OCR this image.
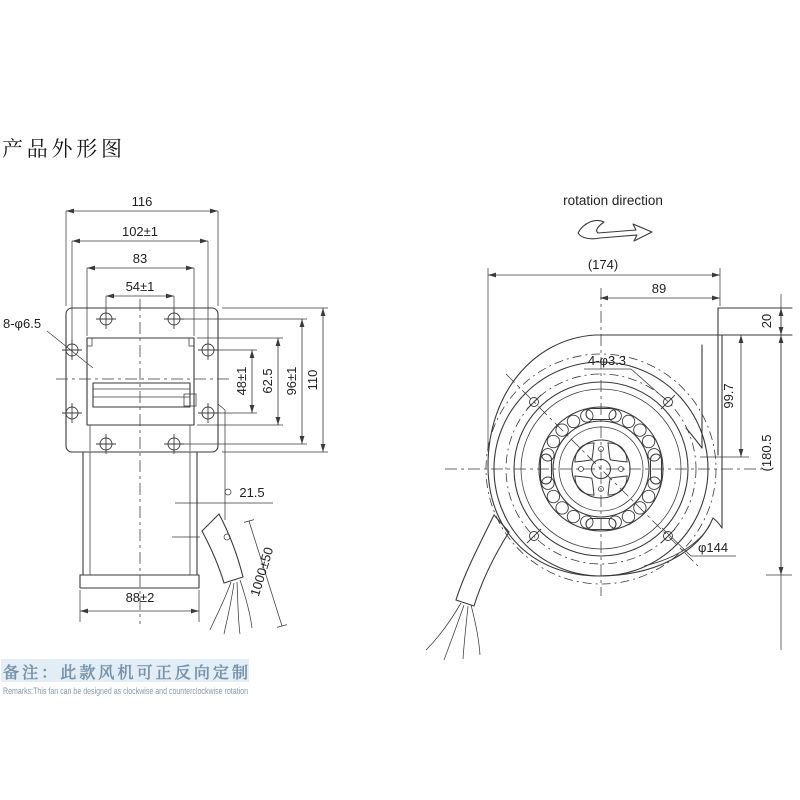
产品外形图
116
102±1
83
54±1
8-φ6.5
48±1 62.5 96±1 110
21.5
88±2	1000±50
rotation direction
(174)
89
20
99.7
(180.5
4-φ3.3
φ144
备注：此款风机可正反向定制
Remarks:This fan can be designed as clockwise and counterclockwise rotation
